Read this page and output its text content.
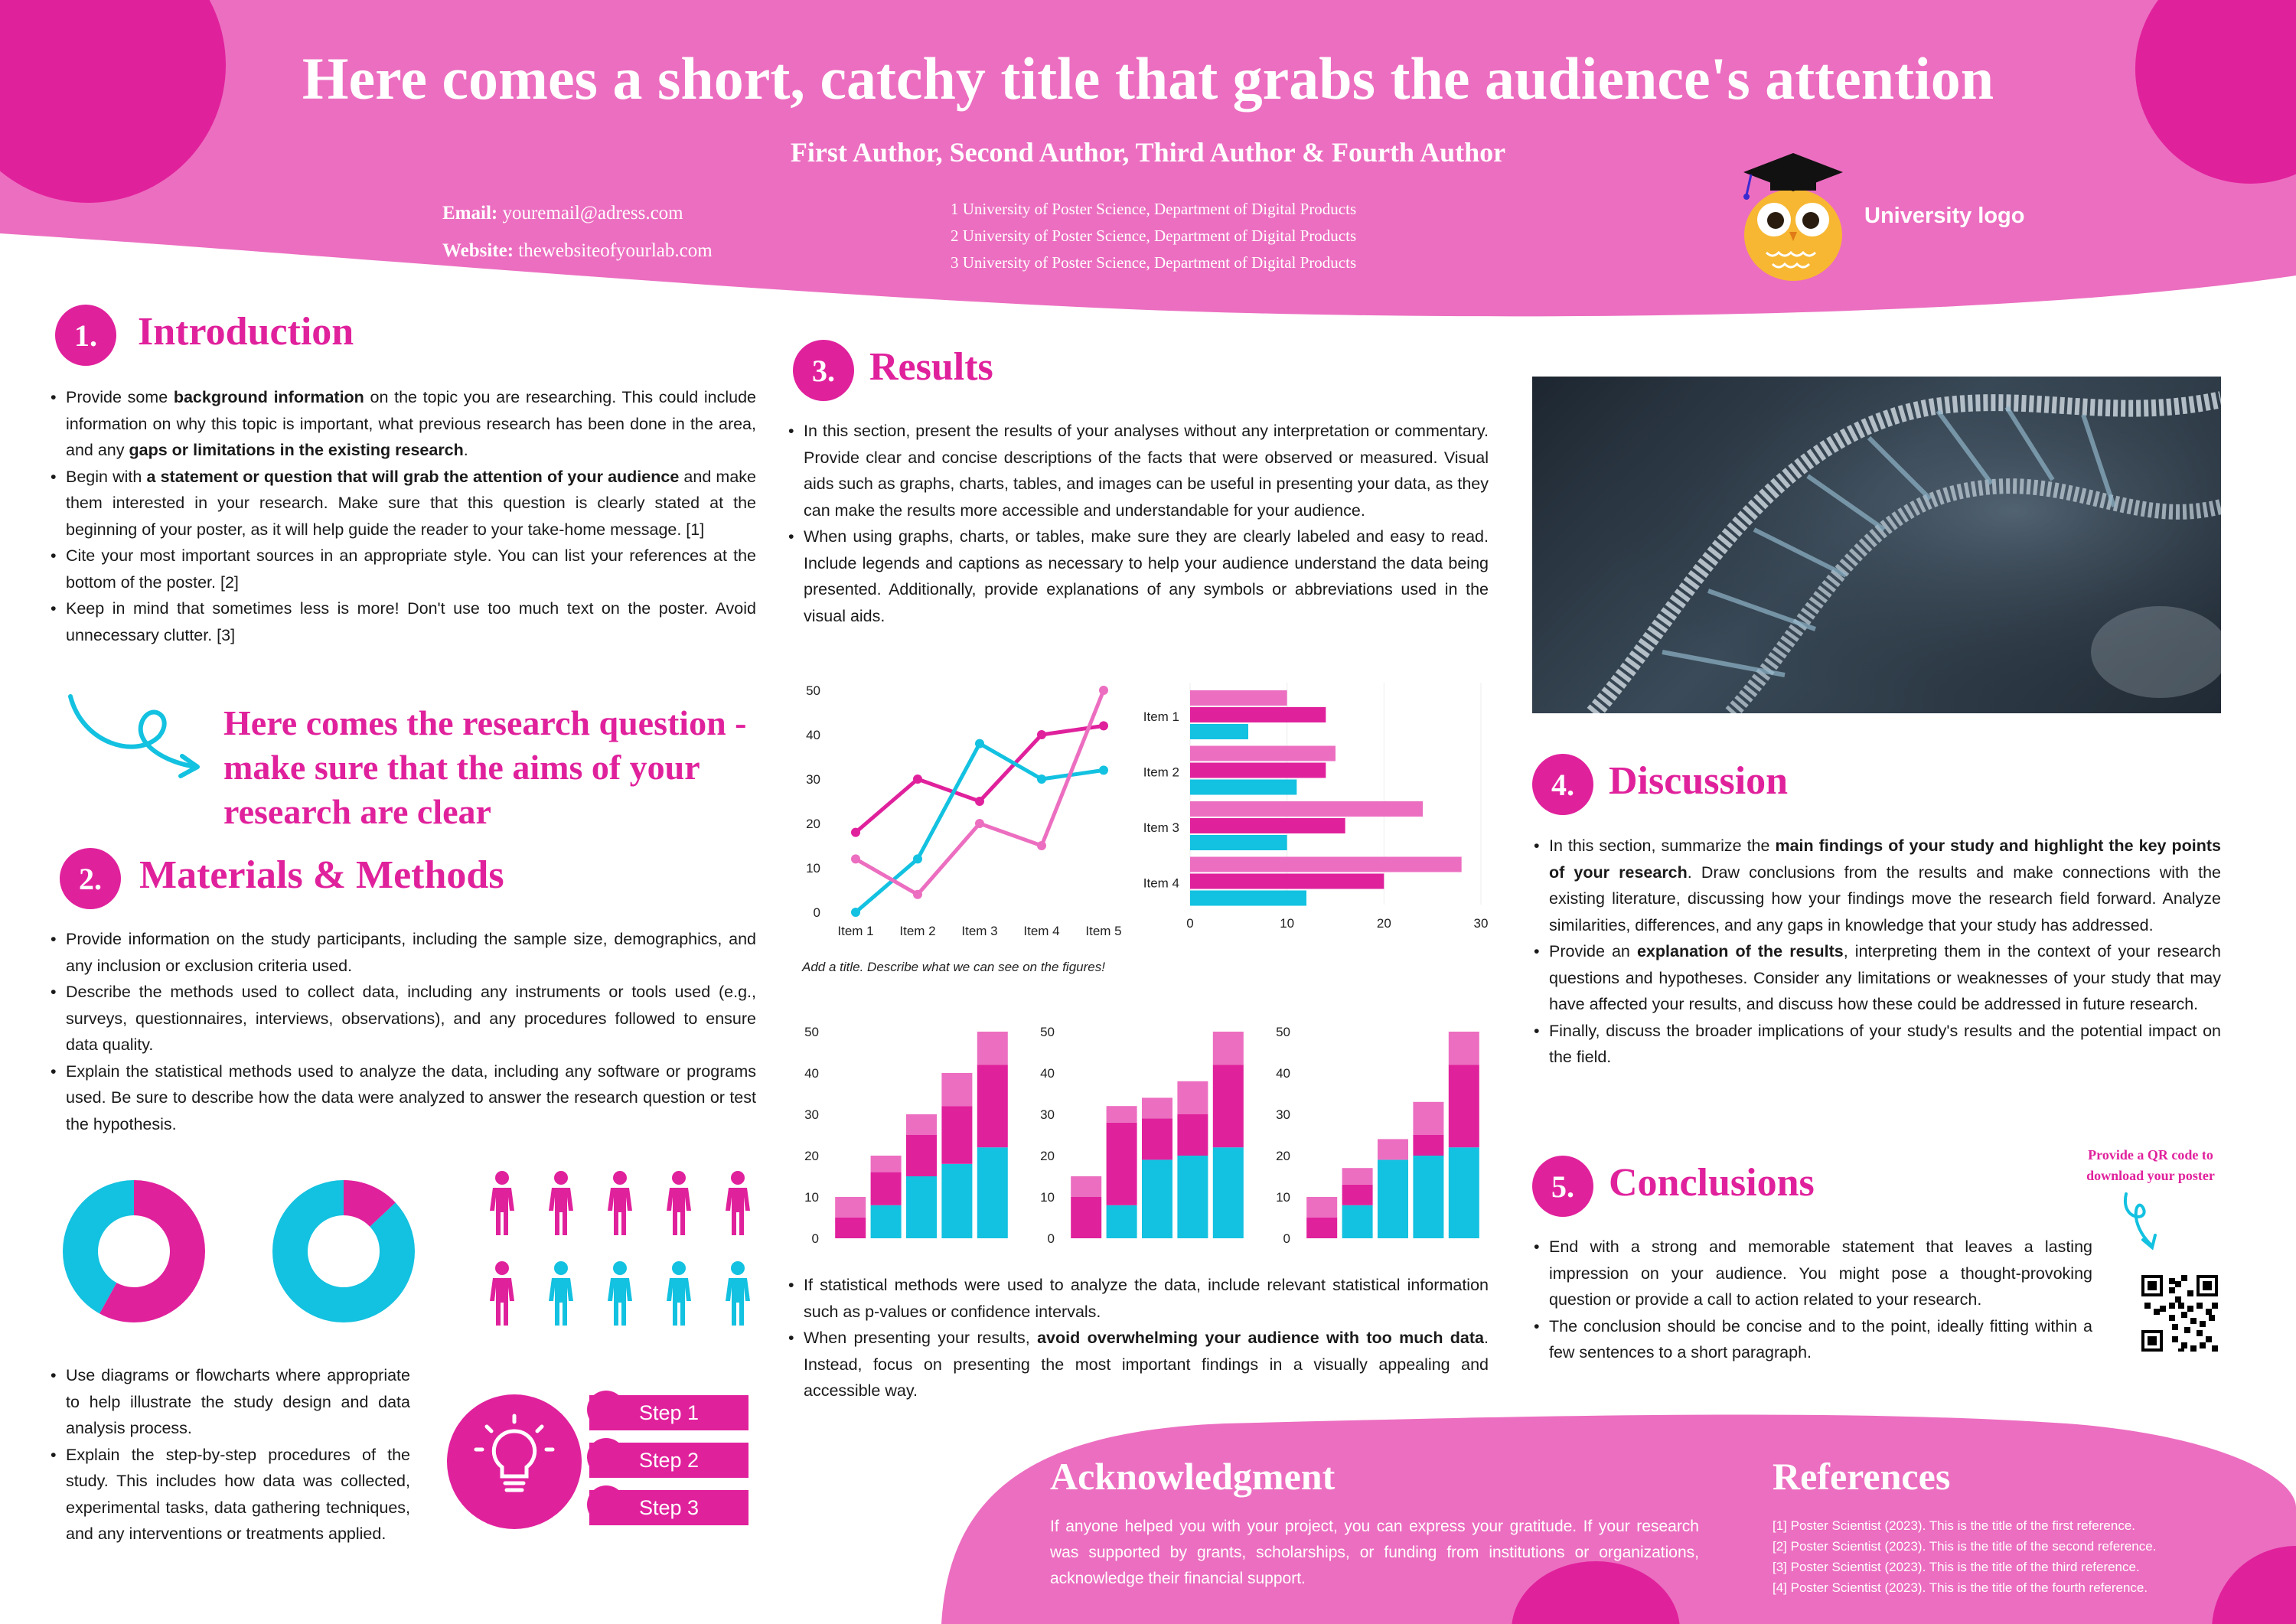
Here comes a short, catchy title that grabs the audience's attention
First Author, Second Author, Third Author & Fourth Author
Email: youremail@adress.com
Website: thewebsiteofyourlab.com
1 University of Poster Science, Department of Digital Products
2 University of Poster Science, Department of Digital Products
3 University of Poster Science, Department of Digital Products
University logo
1.	Introduction
• Provide some background information on the topic you are researching. This could include information on why this topic is important, what previous research has been done in the area, and any gaps or limitations in the existing research.
• Begin with a statement or question that will grab the attention of your audience and make them interested in your research. Make sure that this question is clearly stated at the beginning of your poster, as it will help guide the reader to your take-home message. [1]
• Cite your most important sources in an appropriate style. You can list your references at the bottom of the poster. [2]
• Keep in mind that sometimes less is more! Don't use too much text on the poster. Avoid unnecessary clutter. [3]
Here comes the research question - make sure that the aims of your research are clear
2. Materials & Methods
• Provide information on the study participants, including the sample size, demographics, and any inclusion or exclusion criteria used.
• Describe the methods used to collect data, including any instruments or tools used (e.g., surveys, questionnaires, interviews, observations), and any procedures followed to ensure data quality.
• Explain the statistical methods used to analyze the data, including any software or programs used. Be sure to describe how the data were analyzed to answer the research question or test the hypothesis.
• Use diagrams or flowcharts where appropriate to help illustrate the study design and data analysis process.
• Explain the step-by-step procedures of the study. This includes how data was collected, experimental tasks, data gathering techniques, and any interventions or treatments applied.
Step 1
Step 2
Step 3
3. Results
• In this section, present the results of your analyses without any interpretation or commentary. Provide clear and concise descriptions of the facts that were observed or measured. Visual aids such as graphs, charts, tables, and images can be useful in presenting your data, as they can make the results more accessible and understandable for your audience.
• When using graphs, charts, or tables, make sure they are clearly labeled and easy to read. Include legends and captions as necessary to help your audience understand the data being presented. Additionally, provide explanations of any symbols or abbreviations used in the visual aids.
0
10
20
30
40
50
Item 1 Item 2 Item 3 Item 4 Item 5
0	10	20	30
Item 1
Item 2
Item 3
Item 4
Add a title. Describe what we can see on the figures!
0
10
20
30
40
50
0
10
20
30
40
50
0
10
20
30
40
50
• If statistical methods were used to analyze the data, include relevant statistical information such as p-values or confidence intervals.
• When presenting your results, avoid overwhelming your audience with too much data. Instead, focus on presenting the most important findings in a visually appealing and accessible way.
4. Discussion
• In this section, summarize the main findings of your study and highlight the key points of your research. Draw conclusions from the results and make connections with the existing literature, discussing how your findings move the research field forward. Analyze similarities, differences, and any gaps in knowledge that your study has addressed.
• Provide an explanation of the results, interpreting them in the context of your research questions and hypotheses. Consider any limitations or weaknesses of your study that may have affected your results, and discuss how these could be addressed in future research.
• Finally, discuss the broader implications of your study's results and the potential impact on the field.
5. Conclusions
• End with a strong and memorable statement that leaves a lasting impression on your audience. You might pose a thought-provoking question or provide a call to action related to your research.
• The conclusion should be concise and to the point, ideally fitting within a few sentences to a short paragraph.
Provide a QR code to download your poster
Acknowledgment
If anyone helped you with your project, you can express your gratitude. If your research was supported by grants, scholarships, or funding from institutions or organizations, acknowledge their financial support.
References
[1] Poster Scientist (2023). This is the title of the first reference.
[2] Poster Scientist (2023). This is the title of the second reference.
[3] Poster Scientist (2023). This is the title of the third reference.
[4] Poster Scientist (2023). This is the title of the fourth reference.
